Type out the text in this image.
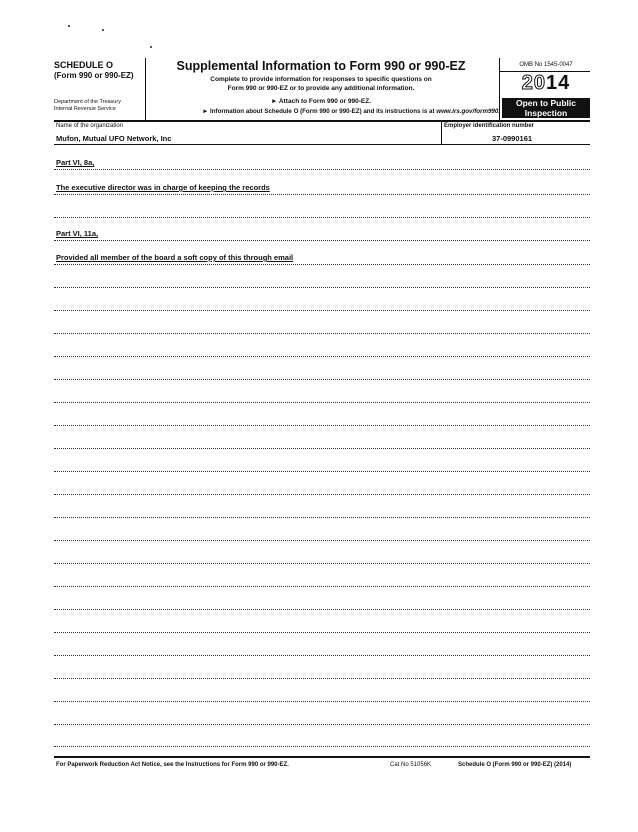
SCHEDULE O
(Form 990 or 990-EZ)
Department of the Treasury
Internal Revenue Service
Supplemental Information to Form 990 or 990-EZ
Complete to provide information for responses to specific questions on
Form 990 or 990-EZ or to provide any additional information.
► Attach to Form 990 or 990-EZ.
► Information about Schedule O (Form 990 or 990-EZ) and its instructions is at www.irs.gov/form990.
OMB No 1545-0047
2014
Open to Public
Inspection
Name of the organization	Employer identification number
Mufon, Mutual UFO Network, Inc	37-0990161
Part VI, 8a,
The executive director was in charge of keeping the records
Part VI, 11a,
Provided all member of the board a soft copy of this through email
For Paperwork Reduction Act Notice, see the Instructions for Form 990 or 990-EZ.	Cat No 51056K	Schedule O (Form 990 or 990-EZ) (2014)
